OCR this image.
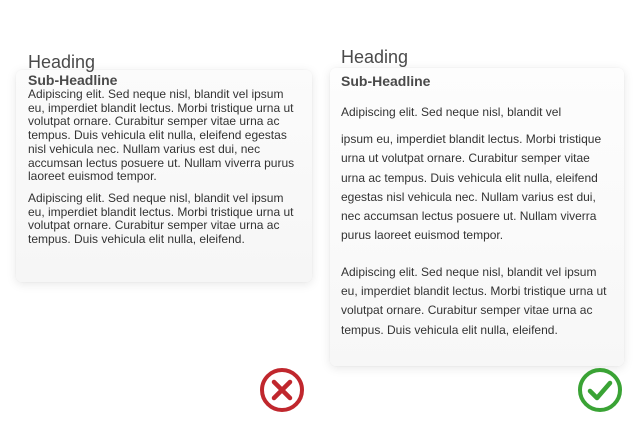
Heading
Sub-Headline
Adipiscing elit. Sed neque nisl, blandit vel ipsum eu, imperdiet blandit lectus. Morbi tristique urna ut volutpat ornare. Curabitur semper vitae urna ac tempus. Duis vehicula elit nulla, eleifend egestas nisl vehicula nec. Nullam varius est dui, nec accumsan lectus posuere ut. Nullam viverra purus laoreet euismod tempor.
Adipiscing elit. Sed neque nisl, blandit vel ipsum eu, imperdiet blandit lectus. Morbi tristique urna ut volutpat ornare. Curabitur semper vitae urna ac tempus. Duis vehicula elit nulla, eleifend.
Heading
Sub-Headline
Adipiscing elit. Sed neque nisl, blandit vel
ipsum eu, imperdiet blandit lectus. Morbi tristique urna ut volutpat ornare. Curabitur semper vitae urna ac tempus. Duis vehicula elit nulla, eleifend egestas nisl vehicula nec. Nullam varius est dui, nec accumsan lectus posuere ut. Nullam viverra purus laoreet euismod tempor.
Adipiscing elit. Sed neque nisl, blandit vel ipsum eu, imperdiet blandit lectus. Morbi tristique urna ut volutpat ornare. Curabitur semper vitae urna ac tempus. Duis vehicula elit nulla, eleifend.
